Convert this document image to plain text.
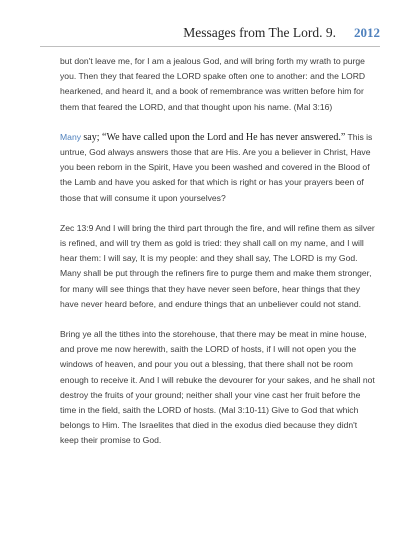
Messages from The Lord. 9. 2012

but don't leave me, for I am a jealous God, and will bring forth my wrath to purge you. Then they that feared the LORD spake often one to another: and the LORD hearkened, and heard it, and a book of remembrance was written before him for them that feared the LORD, and that thought upon his name. (Mal 3:16)

Many say; “We have called upon the Lord and He has never answered.” This is untrue, God always answers those that are His. Are you a believer in Christ, Have you been reborn in the Spirit, Have you been washed and covered in the Blood of the Lamb and have you asked for that which is right or has your prayers been of those that will consume it upon yourselves?

Zec 13:9 And I will bring the third part through the fire, and will refine them as silver is refined, and will try them as gold is tried: they shall call on my name, and I will hear them: I will say, It is my people: and they shall say, The LORD is my God. Many shall be put through the refiners fire to purge them and make them stronger, for many will see things that they have never seen before, hear things that they have never heard before, and endure things that an unbeliever could not stand.

Bring ye all the tithes into the storehouse, that there may be meat in mine house, and prove me now herewith, saith the LORD of hosts, if I will not open you the windows of heaven, and pour you out a blessing, that there shall not be room enough to receive it. And I will rebuke the devourer for your sakes, and he shall not destroy the fruits of your ground; neither shall your vine cast her fruit before the time in the field, saith the LORD of hosts. (Mal 3:10-11) Give to God that which belongs to Him. The Israelites that died in the exodus died because they didn't keep their promise to God.
